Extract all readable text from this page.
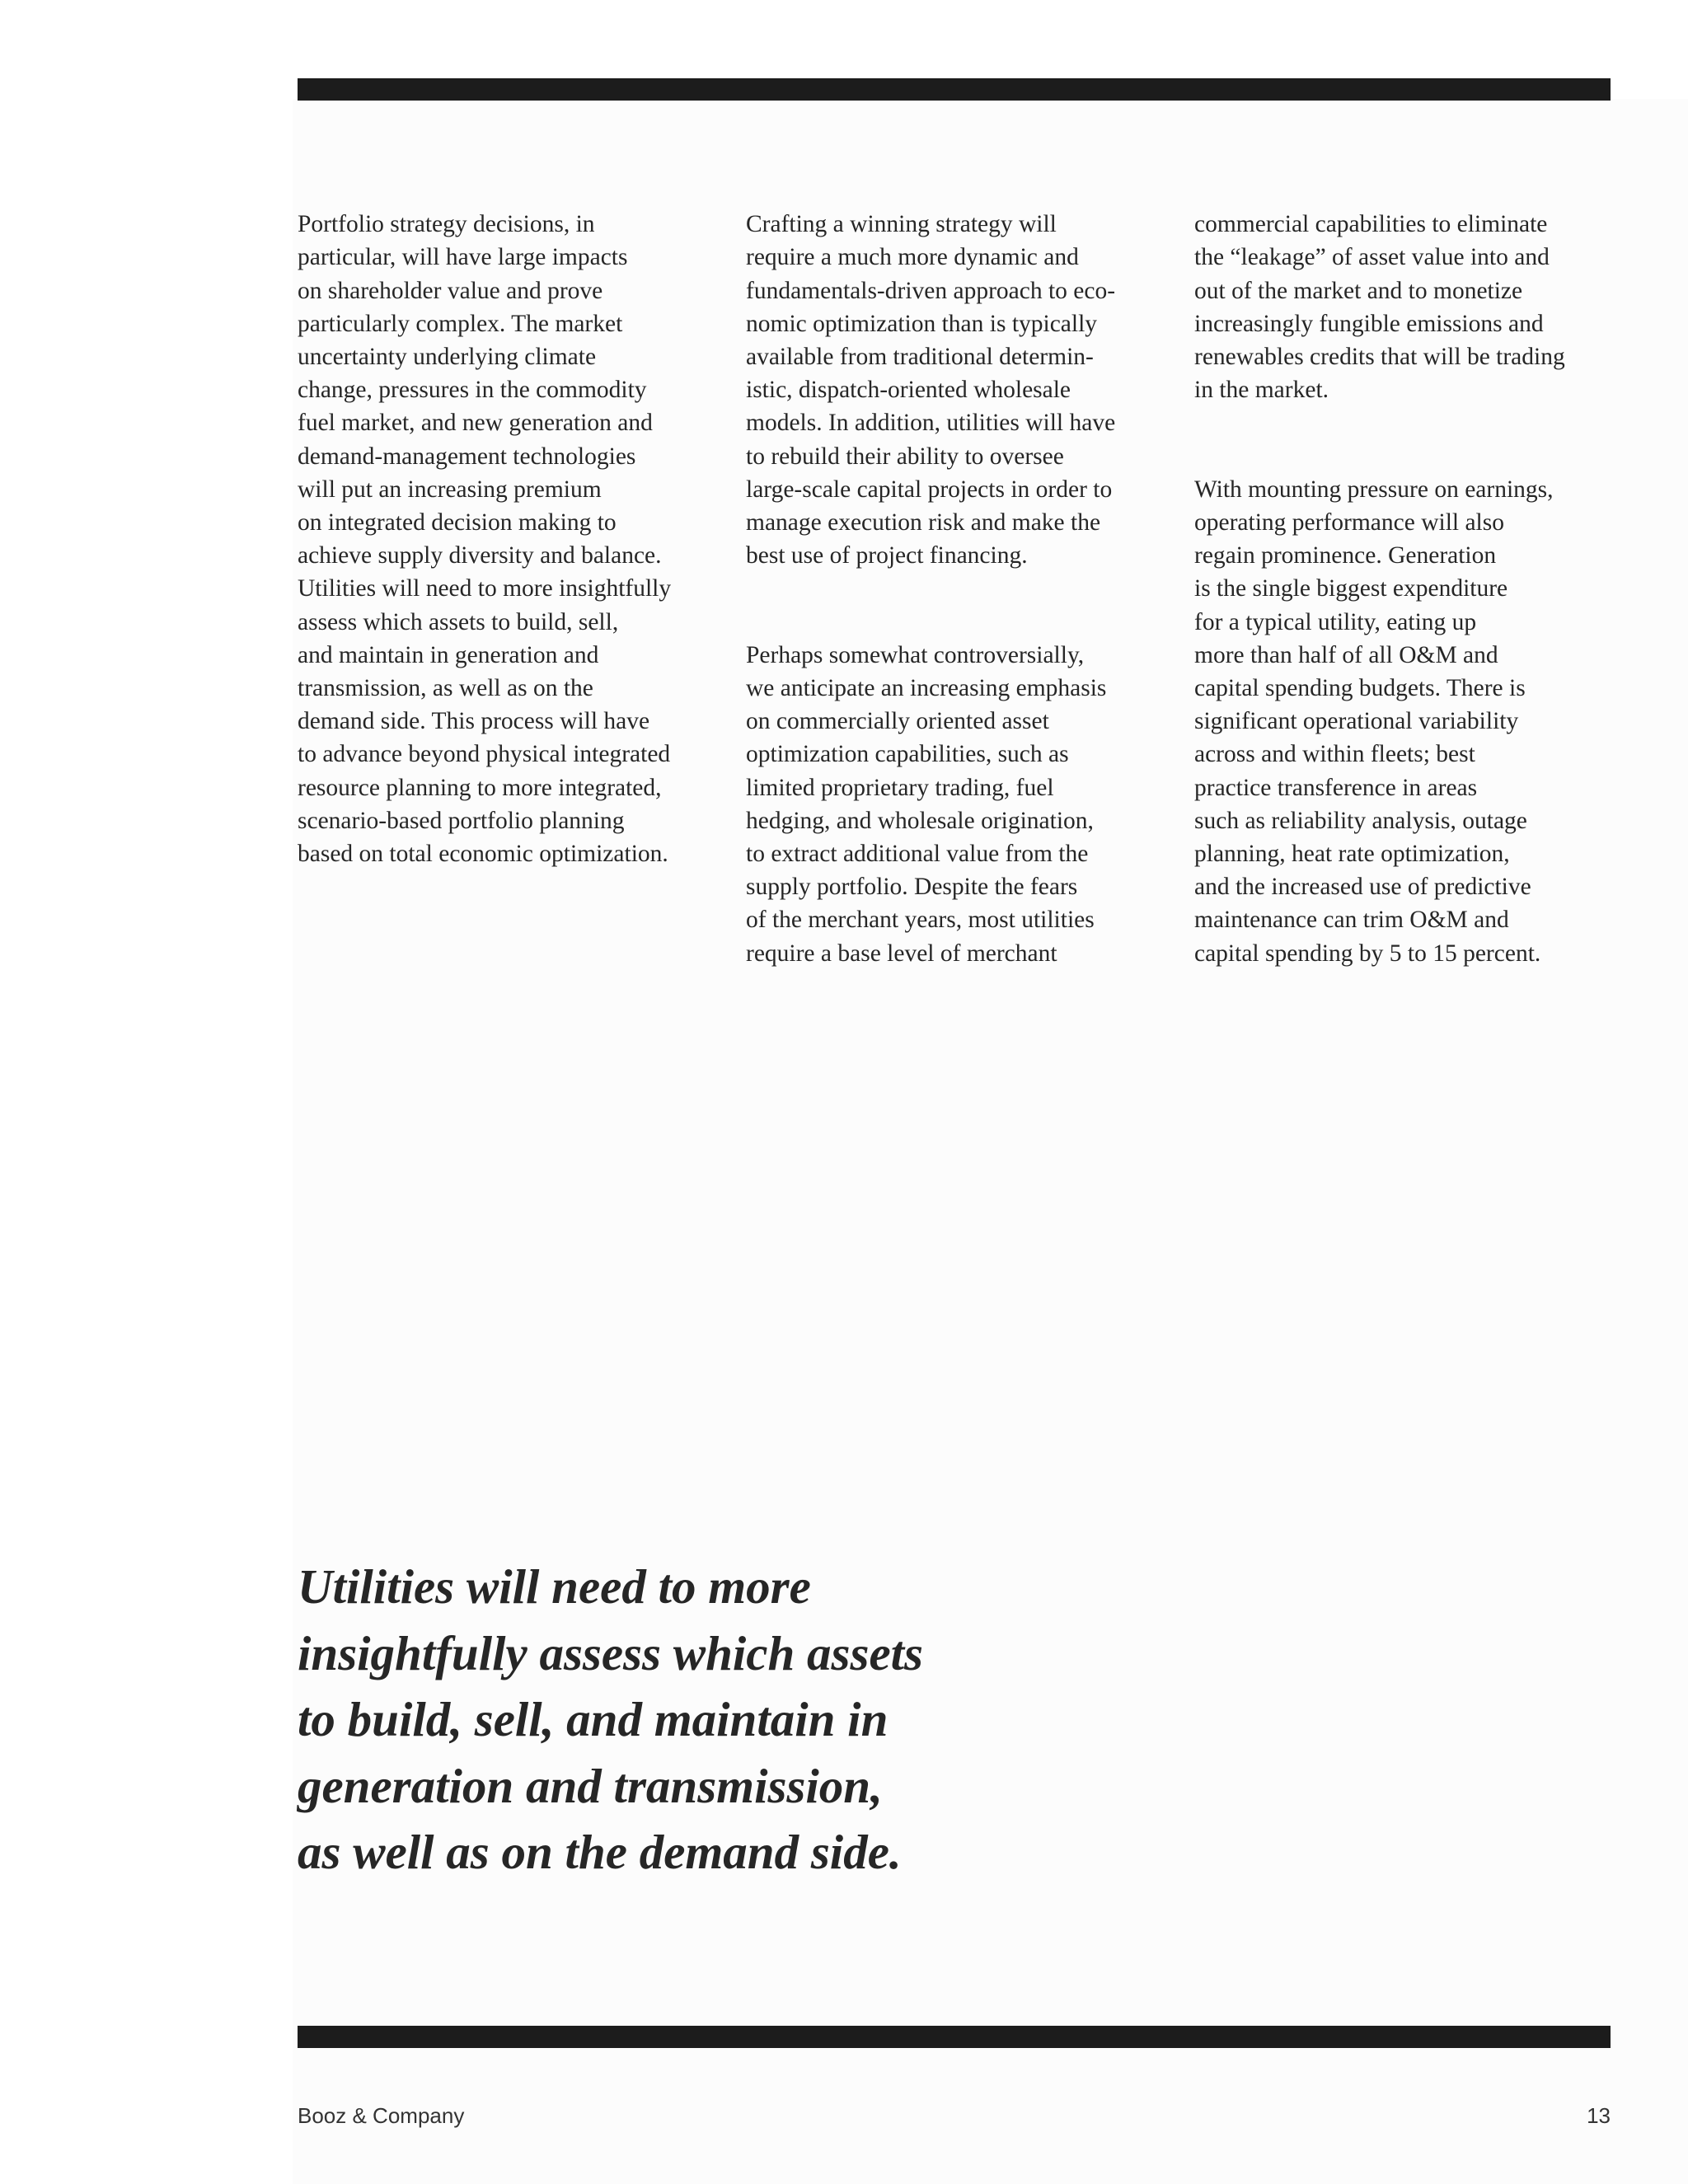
Portfolio strategy decisions, in
particular, will have large impacts
on shareholder value and prove
particularly complex. The market
uncertainty underlying climate
change, pressures in the commodity
fuel market, and new generation and
demand-management technologies
will put an increasing premium
on integrated decision making to
achieve supply diversity and balance.
Utilities will need to more insightfully
assess which assets to build, sell,
and maintain in generation and
transmission, as well as on the
demand side. This process will have
to advance beyond physical integrated
resource planning to more integrated,
scenario-based portfolio planning
based on total economic optimization.

Crafting a winning strategy will
require a much more dynamic and
fundamentals-driven approach to eco-
nomic optimization than is typically
available from traditional determin-
istic, dispatch-oriented wholesale
models. In addition, utilities will have
to rebuild their ability to oversee
large-scale capital projects in order to
manage execution risk and make the
best use of project financing.

Perhaps somewhat controversially,
we anticipate an increasing emphasis
on commercially oriented asset
optimization capabilities, such as
limited proprietary trading, fuel
hedging, and wholesale origination,
to extract additional value from the
supply portfolio. Despite the fears
of the merchant years, most utilities
require a base level of merchant

commercial capabilities to eliminate
the “leakage” of asset value into and
out of the market and to monetize
increasingly fungible emissions and
renewables credits that will be trading
in the market.

With mounting pressure on earnings,
operating performance will also
regain prominence. Generation
is the single biggest expenditure
for a typical utility, eating up
more than half of all O&M and
capital spending budgets. There is
significant operational variability
across and within fleets; best
practice transference in areas
such as reliability analysis, outage
planning, heat rate optimization,
and the increased use of predictive
maintenance can trim O&M and
capital spending by 5 to 15 percent.

Utilities will need to more
insightfully assess which assets
to build, sell, and maintain in
generation and transmission,
as well as on the demand side.

Booz & Company	13
